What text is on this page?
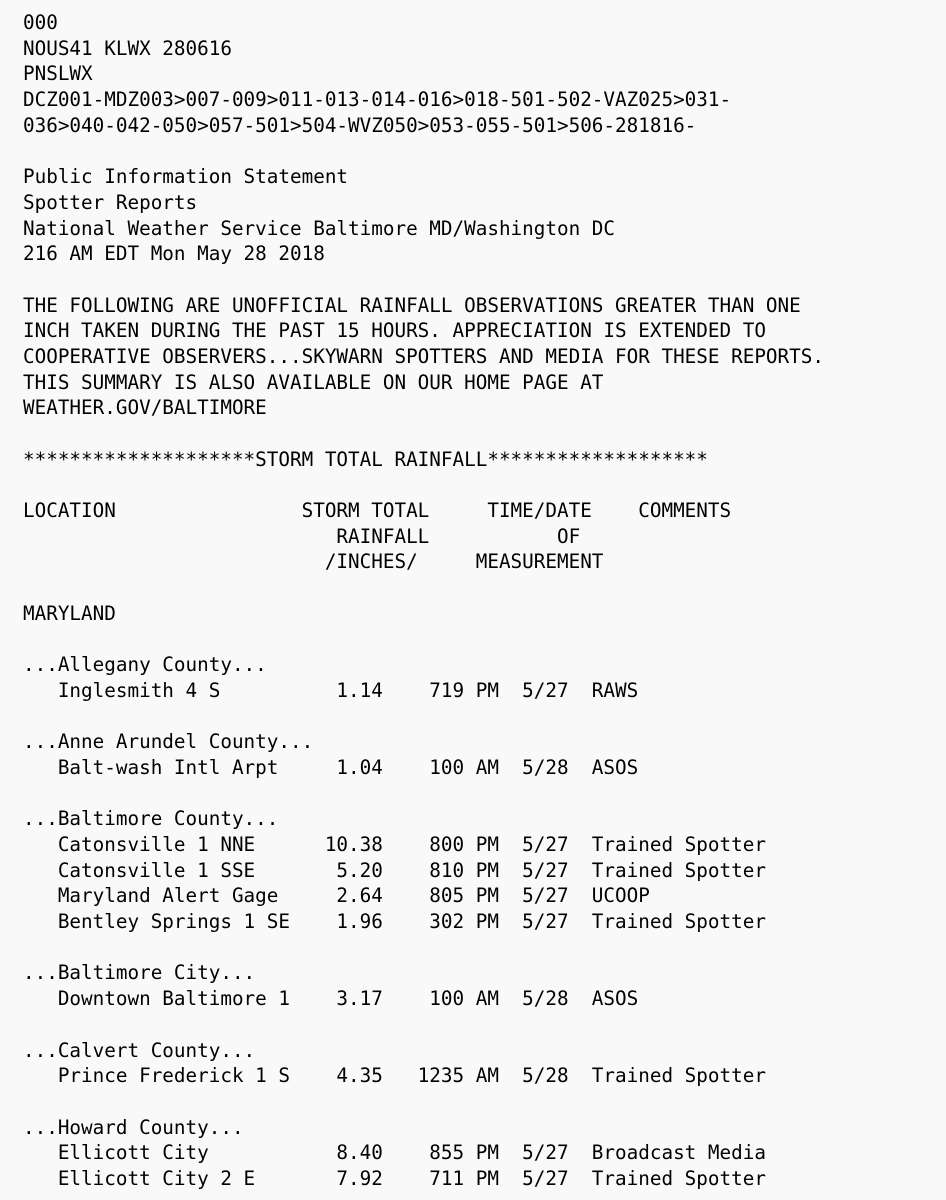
000
NOUS41 KLWX 280616
PNSLWX
DCZ001-MDZ003>007-009>011-013-014-016>018-501-502-VAZ025>031-
036>040-042-050>057-501>504-WVZ050>053-055-501>506-281816-
Public Information Statement
Spotter Reports
National Weather Service Baltimore MD/Washington DC
216 AM EDT Mon May 28 2018
THE FOLLOWING ARE UNOFFICIAL RAINFALL OBSERVATIONS GREATER THAN ONE
INCH TAKEN DURING THE PAST 15 HOURS. APPRECIATION IS EXTENDED TO
COOPERATIVE OBSERVERS...SKYWARN SPOTTERS AND MEDIA FOR THESE REPORTS.
THIS SUMMARY IS ALSO AVAILABLE ON OUR HOME PAGE AT
WEATHER.GOV/BALTIMORE
********************STORM TOTAL RAINFALL*******************
LOCATION                STORM TOTAL     TIME/DATE    COMMENTS
RAINFALL           OF
/INCHES/     MEASUREMENT
MARYLAND
...Allegany County...
Inglesmith 4 S          1.14    719 PM  5/27  RAWS
...Anne Arundel County...
Balt-wash Intl Arpt     1.04    100 AM  5/28  ASOS
...Baltimore County...
Catonsville 1 NNE      10.38    800 PM  5/27  Trained Spotter
Catonsville 1 SSE       5.20    810 PM  5/27  Trained Spotter
Maryland Alert Gage     2.64    805 PM  5/27  UCOOP
Bentley Springs 1 SE    1.96    302 PM  5/27  Trained Spotter
...Baltimore City...
Downtown Baltimore 1    3.17    100 AM  5/28  ASOS
...Calvert County...
Prince Frederick 1 S    4.35   1235 AM  5/28  Trained Spotter
...Howard County...
Ellicott City           8.40    855 PM  5/27  Broadcast Media
Ellicott City 2 E       7.92    711 PM  5/27  Trained Spotter
